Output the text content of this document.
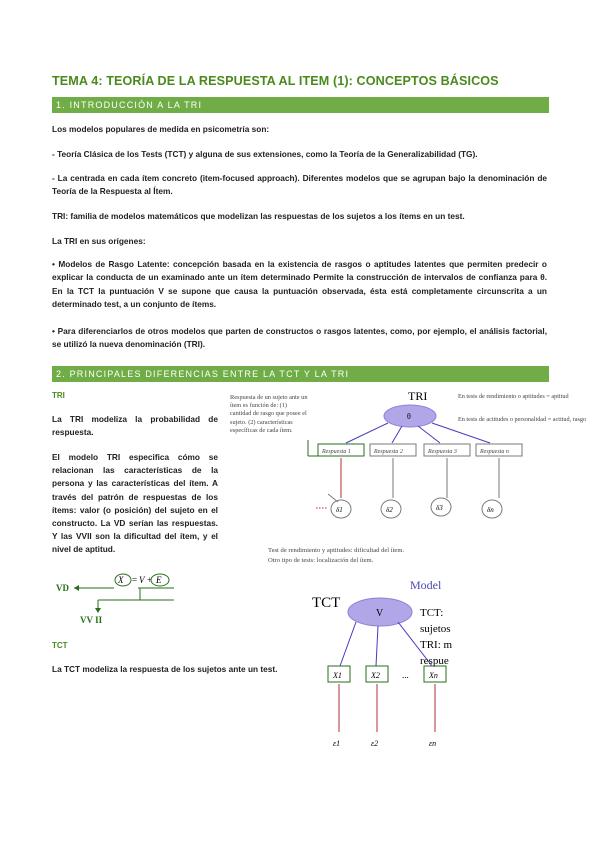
TEMA 4: TEORÍA DE LA RESPUESTA AL ITEM (1): CONCEPTOS BÁSICOS
1. INTRODUCCIÓN A LA TRI

Los modelos populares de medida en psicometría son:

- Teoría Clásica de los Tests (TCT) y alguna de sus extensiones, como la Teoría de la Generalizabilidad (TG).

- La centrada en cada ítem concreto (item-focused approach). Diferentes modelos que se agrupan bajo la denominación de Teoría de la Respuesta al Ítem.

TRI: familia de modelos matemáticos que modelizan las respuestas de los sujetos a los ítems en un test.

La TRI en sus orígenes:

• Modelos de Rasgo Latente: concepción basada en la existencia de rasgos o aptitudes latentes que permiten predecir o explicar la conducta de un examinado ante un ítem determinado Permite la construcción de intervalos de confianza para θ. En la TCT la puntuación V se supone que causa la puntuación observada, ésta está completamente circunscrita a un determinado test, a un conjunto de ítems.

• Para diferenciarlos de otros modelos que parten de constructos o rasgos latentes, como, por ejemplo, el análisis factorial, se utilizó la nueva denominación (TRI).

2. PRINCIPALES DIFERENCIAS ENTRE LA TCT Y LA TRI
TRI

La TRI modeliza la probabilidad de respuesta.

El modelo TRI especifica cómo se relacionan las características de la persona y las características del ítem. A través del patrón de respuestas de los ítems: valor (o posición) del sujeto en el constructo. La VD serían las respuestas. Y las VVII son la dificultad del ítem, y el nivel de aptitud.

VD
X = V + E
VV II
TCT

La TCT modeliza la respuesta de los sujetos ante un test.

TRI
θ
En tests de rendimiento o aptitudes = aptitud
En tests de actitudes o personalidad = actitud, rasgo
Respuesta de un sujeto ante un ítem es función de: (1) cantidad de rasgo que posee el sujeto. (2) características específicas de cada ítem.
Respuesta 1	Respuesta 2	Respuesta 3	Respuesta n
δ1	δ2	δ3	δn
Test de rendimiento y aptitudes: dificultad del ítem.
Otro tipo de tests: localización del ítem.
Model
TCT
V
X1	X2	Xn
...
ε1	ε2	εn
TCT:
sujetos
TRI: m
respue
